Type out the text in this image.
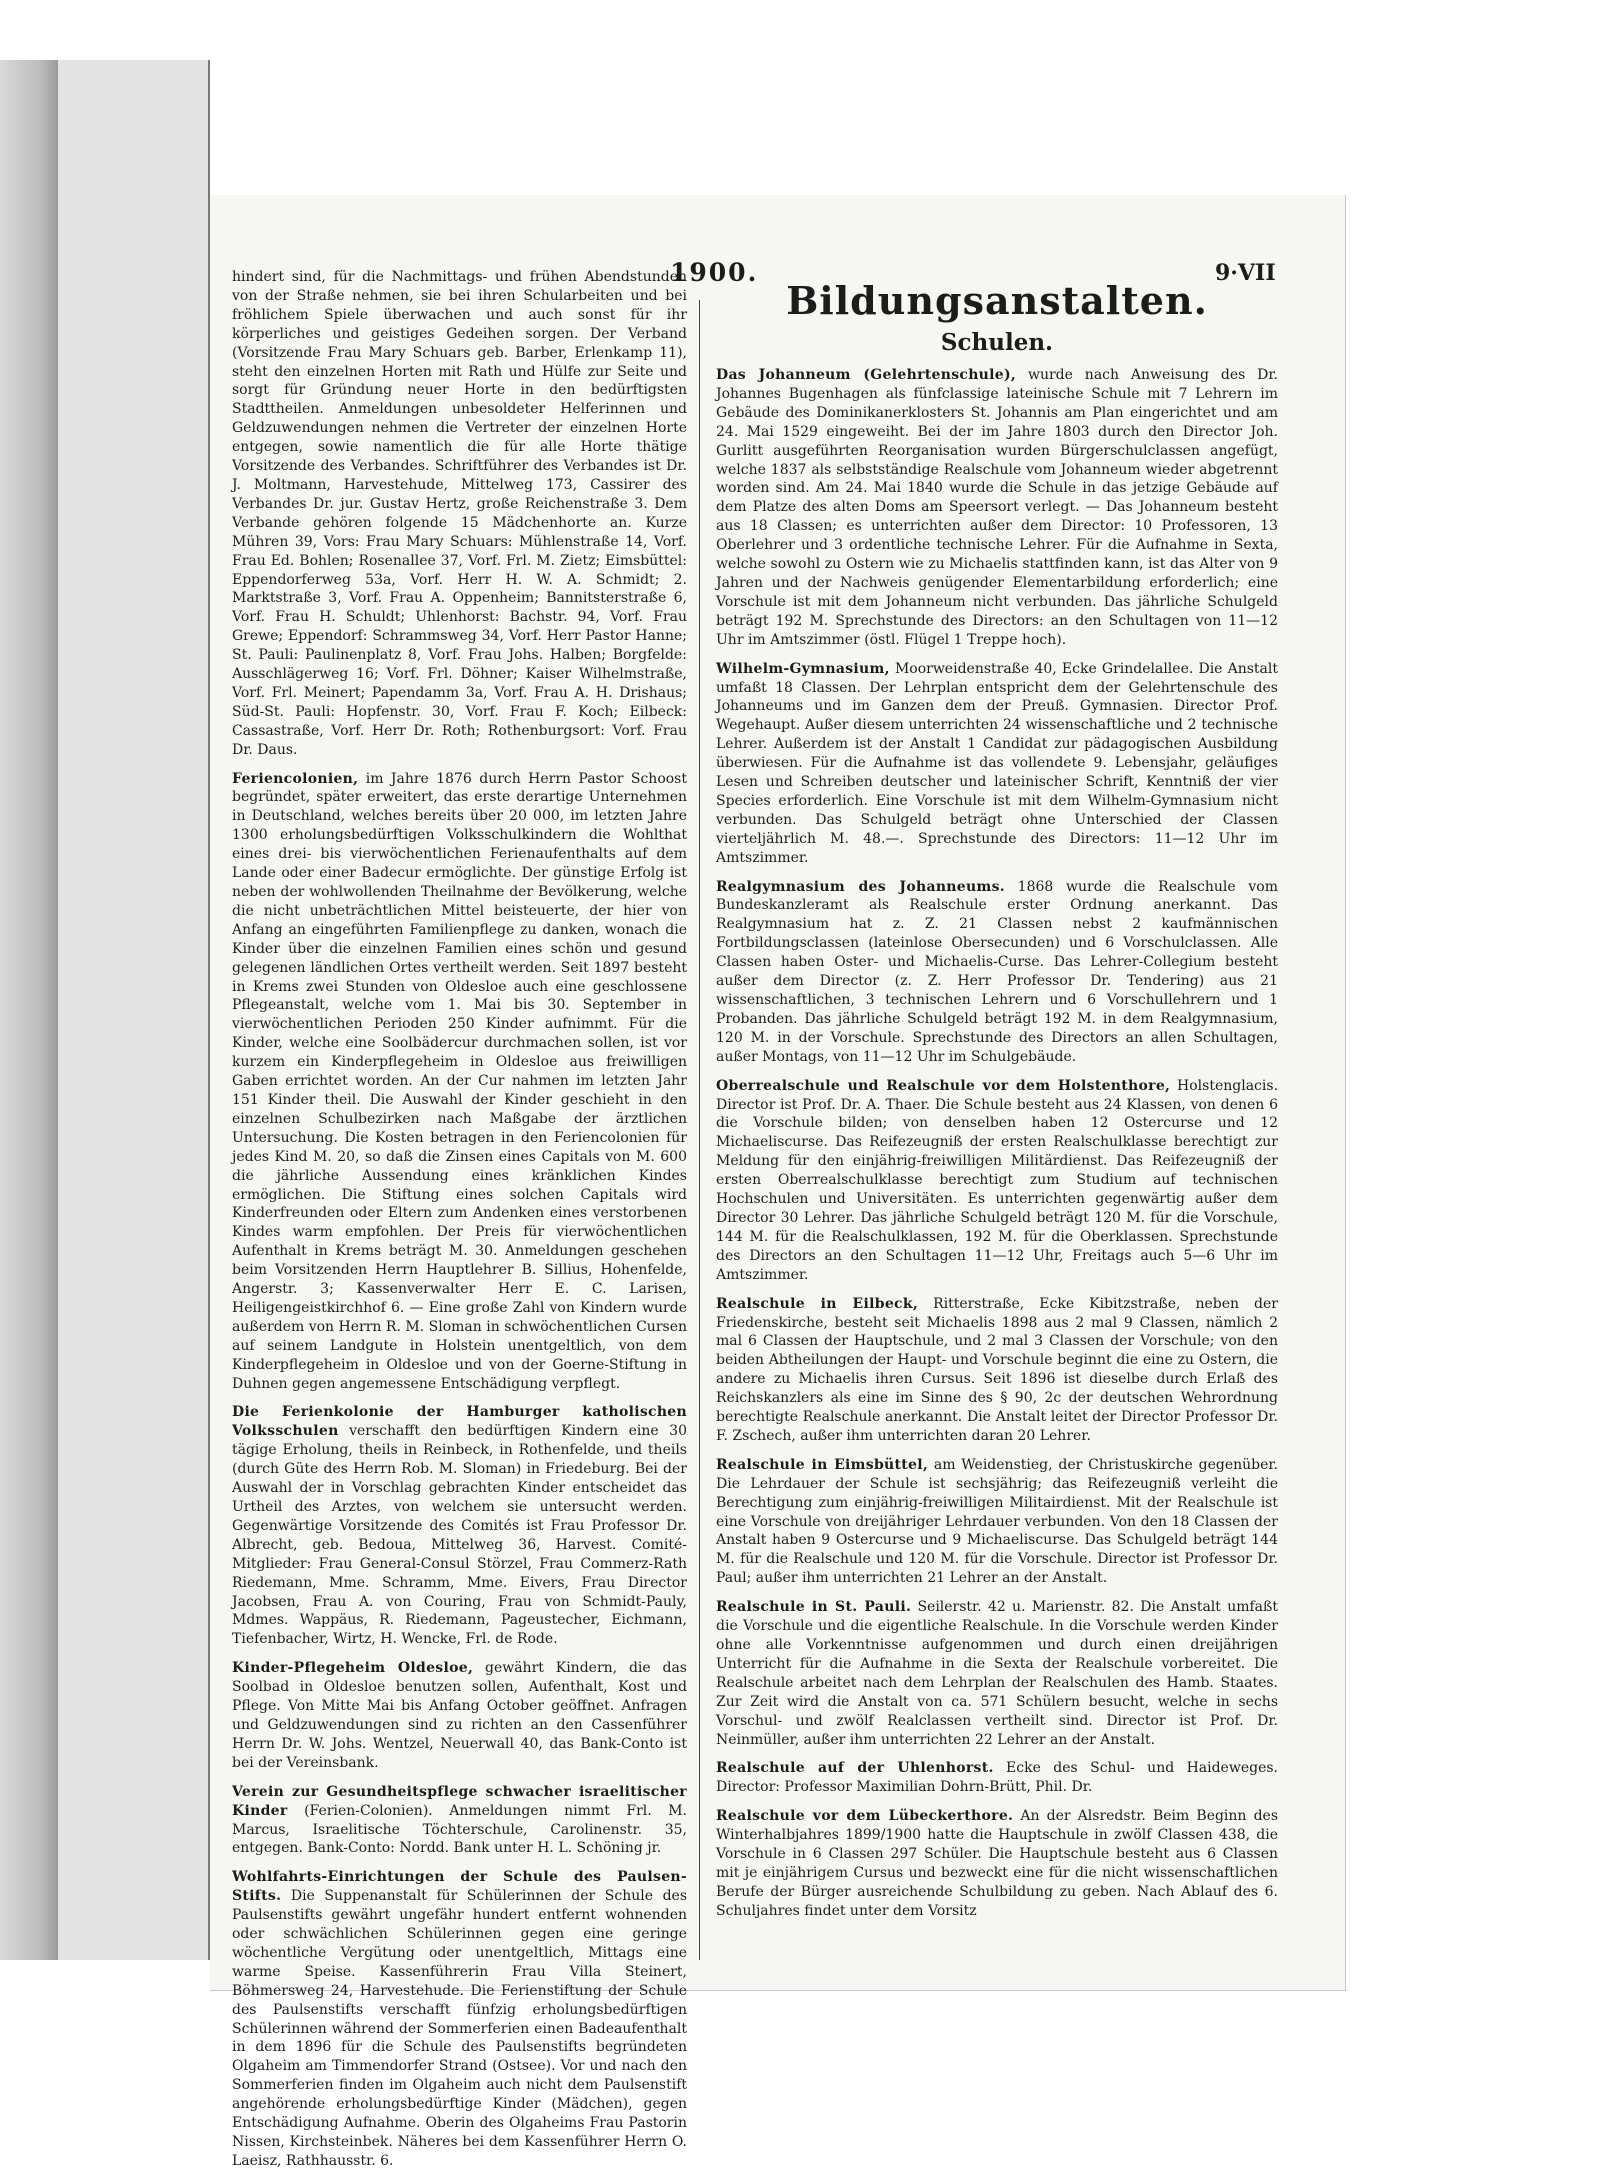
1900.	9·VII

hindert sind, für die Nachmittags- und frühen Abendstunden von der Straße nehmen, sie bei ihren Schularbeiten und bei fröhlichem Spiele überwachen und auch sonst für ihr körperliches und geistiges Gedeihen sorgen. Der Verband (Vorsitzende Frau Mary Schuars geb. Barber, Erlenkamp 11), steht den einzelnen Horten mit Rath und Hülfe zur Seite und sorgt für Gründung neuer Horte in den bedürftigsten Stadttheilen. Anmeldungen unbesoldeter Helferinnen und Geldzuwendungen nehmen die Vertreter der einzelnen Horte entgegen, sowie namentlich die für alle Horte thätige Vorsitzende des Verbandes. Schriftführer des Verbandes ist Dr. J. Moltmann, Harvestehude, Mittelweg 173, Cassirer des Verbandes Dr. jur. Gustav Hertz, große Reichenstraße 3. Dem Verbande gehören folgende 15 Mädchenhorte an. Kurze Mühren 39, Vors: Frau Mary Schuars: Mühlenstraße 14, Vorf. Frau Ed. Bohlen; Rosenallee 37, Vorf. Frl. M. Zietz; Eimsbüttel: Eppendorferweg 53a, Vorf. Herr H. W. A. Schmidt; 2. Marktstraße 3, Vorf. Frau A. Oppenheim; Bannitsterstraße 6, Vorf. Frau H. Schuldt; Uhlenhorst: Bachstr. 94, Vorf. Frau Grewe; Eppendorf: Schrammsweg 34, Vorf. Herr Pastor Hanne; St. Pauli: Paulinenplatz 8, Vorf. Frau Johs. Halben; Borgfelde: Ausschlägerweg 16; Vorf. Frl. Döhner; Kaiser Wilhelmstraße, Vorf. Frl. Meinert; Papendamm 3a, Vorf. Frau A. H. Drishaus; Süd-St. Pauli: Hopfenstr. 30, Vorf. Frau F. Koch; Eilbeck: Cassastraße, Vorf. Herr Dr. Roth; Rothenburgsort: Vorf. Frau Dr. Daus.

Feriencolonien, im Jahre 1876 durch Herrn Pastor Schoost begründet, später erweitert, das erste derartige Unternehmen in Deutschland, welches bereits über 20 000, im letzten Jahre 1300 erholungsbedürftigen Volksschulkindern die Wohlthat eines drei- bis vierwöchentlichen Ferienaufenthalts auf dem Lande oder einer Badecur ermöglichte. Der günstige Erfolg ist neben der wohlwollenden Theilnahme der Bevölkerung, welche die nicht unbeträchtlichen Mittel beisteuerte, der hier von Anfang an eingeführten Familienpflege zu danken, wonach die Kinder über die einzelnen Familien eines schön und gesund gelegenen ländlichen Ortes vertheilt werden. Seit 1897 besteht in Krems zwei Stunden von Oldesloe auch eine geschlossene Pflegeanstalt, welche vom 1. Mai bis 30. September in vierwöchentlichen Perioden 250 Kinder aufnimmt. Für die Kinder, welche eine Soolbädercur durchmachen sollen, ist vor kurzem ein Kinderpflegeheim in Oldesloe aus freiwilligen Gaben errichtet worden. An der Cur nahmen im letzten Jahr 151 Kinder theil. Die Auswahl der Kinder geschieht in den einzelnen Schulbezirken nach Maßgabe der ärztlichen Untersuchung. Die Kosten betragen in den Feriencolonien für jedes Kind M. 20, so daß die Zinsen eines Capitals von M. 600 die jährliche Aussendung eines kränklichen Kindes ermöglichen. Die Stiftung eines solchen Capitals wird Kinderfreunden oder Eltern zum Andenken eines verstorbenen Kindes warm empfohlen. Der Preis für vierwöchentlichen Aufenthalt in Krems beträgt M. 30. Anmeldungen geschehen beim Vorsitzenden Herrn Hauptlehrer B. Sillius, Hohenfelde, Angerstr. 3; Kassenverwalter Herr E. C. Larisen, Heiligengeistkirchhof 6. — Eine große Zahl von Kindern wurde außerdem von Herrn R. M. Sloman in schwöchentlichen Cursen auf seinem Landgute in Holstein unentgeltlich, von dem Kinderpflegeheim in Oldesloe und von der Goerne-Stiftung in Duhnen gegen angemessene Entschädigung verpflegt.

Die Ferienkolonie der Hamburger katholischen Volksschulen verschafft den bedürftigen Kindern eine 30 tägige Erholung, theils in Reinbeck, in Rothenfelde, und theils (durch Güte des Herrn Rob. M. Sloman) in Friedeburg. Bei der Auswahl der in Vorschlag gebrachten Kinder entscheidet das Urtheil des Arztes, von welchem sie untersucht werden. Gegenwärtige Vorsitzende des Comités ist Frau Professor Dr. Albrecht, geb. Bedoua, Mittelweg 36, Harvest. Comité-Mitglieder: Frau General-Consul Störzel, Frau Commerz-Rath Riedemann, Mme. Schramm, Mme. Eivers, Frau Director Jacobsen, Frau A. von Couring, Frau von Schmidt-Pauly, Mdmes. Wappäus, R. Riedemann, Pageustecher, Eichmann, Tiefenbacher, Wirtz, H. Wencke, Frl. de Rode.

Kinder-Pflegeheim Oldesloe, gewährt Kindern, die das Soolbad in Oldesloe benutzen sollen, Aufenthalt, Kost und Pflege. Von Mitte Mai bis Anfang October geöffnet. Anfragen und Geldzuwendungen sind zu richten an den Cassenführer Herrn Dr. W. Johs. Wentzel, Neuerwall 40, das Bank-Conto ist bei der Vereinsbank.

Verein zur Gesundheitspflege schwacher israelitischer Kinder (Ferien-Colonien). Anmeldungen nimmt Frl. M. Marcus, Israelitische Töchterschule, Carolinenstr. 35, entgegen. Bank-Conto: Nordd. Bank unter H. L. Schöning jr.

Wohlfahrts-Einrichtungen der Schule des Paulsen-Stifts. Die Suppenanstalt für Schülerinnen der Schule des Paulsenstifts gewährt ungefähr hundert entfernt wohnenden oder schwächlichen Schülerinnen gegen eine geringe wöchentliche Vergütung oder unentgeltlich, Mittags eine warme Speise. Kassenführerin Frau Villa Steinert, Böhmersweg 24, Harvestehude. Die Ferienstiftung der Schule des Paulsenstifts verschafft fünfzig erholungsbedürftigen Schülerinnen während der Sommerferien einen Badeaufenthalt in dem 1896 für die Schule des Paulsenstifts begründeten Olgaheim am Timmendorfer Strand (Ostsee). Vor und nach den Sommerferien finden im Olgaheim auch nicht dem Paulsenstift angehörende erholungsbedürftige Kinder (Mädchen), gegen Entschädigung Aufnahme. Oberin des Olgaheims Frau Pastorin Nissen, Kirchsteinbek. Näheres bei dem Kassenführer Herrn O. Laeisz, Rathhausstr. 6.

Bildungsanstalten.
Schulen.

Das Johanneum (Gelehrtenschule), wurde nach Anweisung des Dr. Johannes Bugenhagen als fünfclassige lateinische Schule mit 7 Lehrern im Gebäude des Dominikanerklosters St. Johannis am Plan eingerichtet und am 24. Mai 1529 eingeweiht. Bei der im Jahre 1803 durch den Director Joh. Gurlitt ausgeführten Reorganisation wurden Bürgerschulclassen angefügt, welche 1837 als selbstständige Realschule vom Johanneum wieder abgetrennt worden sind. Am 24. Mai 1840 wurde die Schule in das jetzige Gebäude auf dem Platze des alten Doms am Speersort verlegt. — Das Johanneum besteht aus 18 Classen; es unterrichten außer dem Director: 10 Professoren, 13 Oberlehrer und 3 ordentliche technische Lehrer. Für die Aufnahme in Sexta, welche sowohl zu Ostern wie zu Michaelis stattfinden kann, ist das Alter von 9 Jahren und der Nachweis genügender Elementarbildung erforderlich; eine Vorschule ist mit dem Johanneum nicht verbunden. Das jährliche Schulgeld beträgt 192 M. Sprechstunde des Directors: an den Schultagen von 11—12 Uhr im Amtszimmer (östl. Flügel 1 Treppe hoch).

Wilhelm-Gymnasium, Moorweidenstraße 40, Ecke Grindelallee. Die Anstalt umfaßt 18 Classen. Der Lehrplan entspricht dem der Gelehrtenschule des Johanneums und im Ganzen dem der Preuß. Gymnasien. Director Prof. Wegehaupt. Außer diesem unterrichten 24 wissenschaftliche und 2 technische Lehrer. Außerdem ist der Anstalt 1 Candidat zur pädagogischen Ausbildung überwiesen. Für die Aufnahme ist das vollendete 9. Lebensjahr, geläufiges Lesen und Schreiben deutscher und lateinischer Schrift, Kenntniß der vier Species erforderlich. Eine Vorschule ist mit dem Wilhelm-Gymnasium nicht verbunden. Das Schulgeld beträgt ohne Unterschied der Classen vierteljährlich M. 48.—. Sprechstunde des Directors: 11—12 Uhr im Amtszimmer.

Realgymnasium des Johanneums. 1868 wurde die Realschule vom Bundeskanzleramt als Realschule erster Ordnung anerkannt. Das Realgymnasium hat z. Z. 21 Classen nebst 2 kaufmännischen Fortbildungsclassen (lateinlose Obersecunden) und 6 Vorschulclassen. Alle Classen haben Oster- und Michaelis-Curse. Das Lehrer-Collegium besteht außer dem Director (z. Z. Herr Professor Dr. Tendering) aus 21 wissenschaftlichen, 3 technischen Lehrern und 6 Vorschullehrern und 1 Probanden. Das jährliche Schulgeld beträgt 192 M. in dem Realgymnasium, 120 M. in der Vorschule. Sprechstunde des Directors an allen Schultagen, außer Montags, von 11—12 Uhr im Schulgebäude.

Oberrealschule und Realschule vor dem Holstenthore, Holstenglacis. Director ist Prof. Dr. A. Thaer. Die Schule besteht aus 24 Klassen, von denen 6 die Vorschule bilden; von denselben haben 12 Ostercurse und 12 Michaeliscurse. Das Reifezeugniß der ersten Realschulklasse berechtigt zur Meldung für den einjährig-freiwilligen Militärdienst. Das Reifezeugniß der ersten Oberrealschulklasse berechtigt zum Studium auf technischen Hochschulen und Universitäten. Es unterrichten gegenwärtig außer dem Director 30 Lehrer. Das jährliche Schulgeld beträgt 120 M. für die Vorschule, 144 M. für die Realschulklassen, 192 M. für die Oberklassen. Sprechstunde des Directors an den Schultagen 11—12 Uhr, Freitags auch 5—6 Uhr im Amtszimmer.

Realschule in Eilbeck, Ritterstraße, Ecke Kibitzstraße, neben der Friedenskirche, besteht seit Michaelis 1898 aus 2 mal 9 Classen, nämlich 2 mal 6 Classen der Hauptschule, und 2 mal 3 Classen der Vorschule; von den beiden Abtheilungen der Haupt- und Vorschule beginnt die eine zu Ostern, die andere zu Michaelis ihren Cursus. Seit 1896 ist dieselbe durch Erlaß des Reichskanzlers als eine im Sinne des § 90, 2c der deutschen Wehrordnung berechtigte Realschule anerkannt. Die Anstalt leitet der Director Professor Dr. F. Zschech, außer ihm unterrichten daran 20 Lehrer.

Realschule in Eimsbüttel, am Weidenstieg, der Christuskirche gegenüber. Die Lehrdauer der Schule ist sechsjährig; das Reifezeugniß verleiht die Berechtigung zum einjährig-freiwilligen Militairdienst. Mit der Realschule ist eine Vorschule von dreijähriger Lehrdauer verbunden. Von den 18 Classen der Anstalt haben 9 Ostercurse und 9 Michaeliscurse. Das Schulgeld beträgt 144 M. für die Realschule und 120 M. für die Vorschule. Director ist Professor Dr. Paul; außer ihm unterrichten 21 Lehrer an der Anstalt.

Realschule in St. Pauli. Seilerstr. 42 u. Marienstr. 82. Die Anstalt umfaßt die Vorschule und die eigentliche Realschule. In die Vorschule werden Kinder ohne alle Vorkenntnisse aufgenommen und durch einen dreijährigen Unterricht für die Aufnahme in die Sexta der Realschule vorbereitet. Die Realschule arbeitet nach dem Lehrplan der Realschulen des Hamb. Staates. Zur Zeit wird die Anstalt von ca. 571 Schülern besucht, welche in sechs Vorschul- und zwölf Realclassen vertheilt sind. Director ist Prof. Dr. Neinmüller, außer ihm unterrichten 22 Lehrer an der Anstalt.

Realschule auf der Uhlenhorst. Ecke des Schul- und Haideweges. Director: Professor Maximilian Dohrn-Brütt, Phil. Dr.

Realschule vor dem Lübeckerthore. An der Alsredstr. Beim Beginn des Winterhalbjahres 1899/1900 hatte die Hauptschule in zwölf Classen 438, die Vorschule in 6 Classen 297 Schüler. Die Hauptschule besteht aus 6 Classen mit je einjährigem Cursus und bezweckt eine für die nicht wissenschaftlichen Berufe der Bürger ausreichende Schulbildung zu geben. Nach Ablauf des 6. Schuljahres findet unter dem Vorsitz
